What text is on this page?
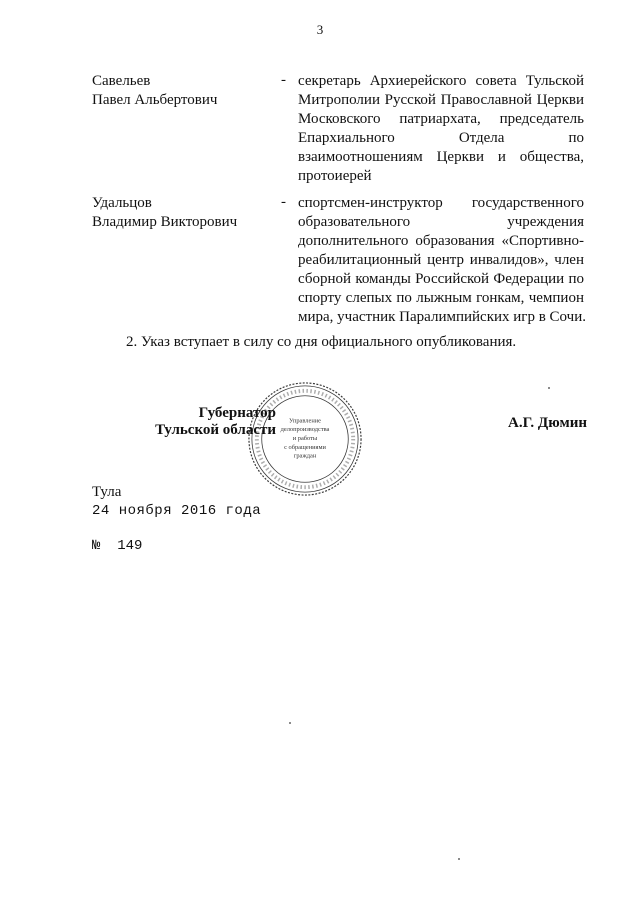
3
Савельев
Павел Альбертович
- секретарь Архиерейского совета Тульской
Митрополии Русской Православной Церкви
Московского патриархата, председатель
Епархиального Отдела по
взаимоотношениям Церкви и общества,
протоиерей
Удальцов
Владимир Викторович
- спортсмен-инструктор государственного
образовательного учреждения
дополнительного образования «Спортивно-
реабилитационный центр инвалидов», член
сборной команды Российской Федерации по
спорту слепых по лыжным гонкам, чемпион
мира, участник Паралимпийских игр в Сочи.
2. Указ вступает в силу со дня официального опубликования.
Управление
делопроизводства
и работы
с обращениями
граждан
Губернатор
Тульской области	А.Г. Дюмин
Тула
24 ноября 2016 года
№ 149
